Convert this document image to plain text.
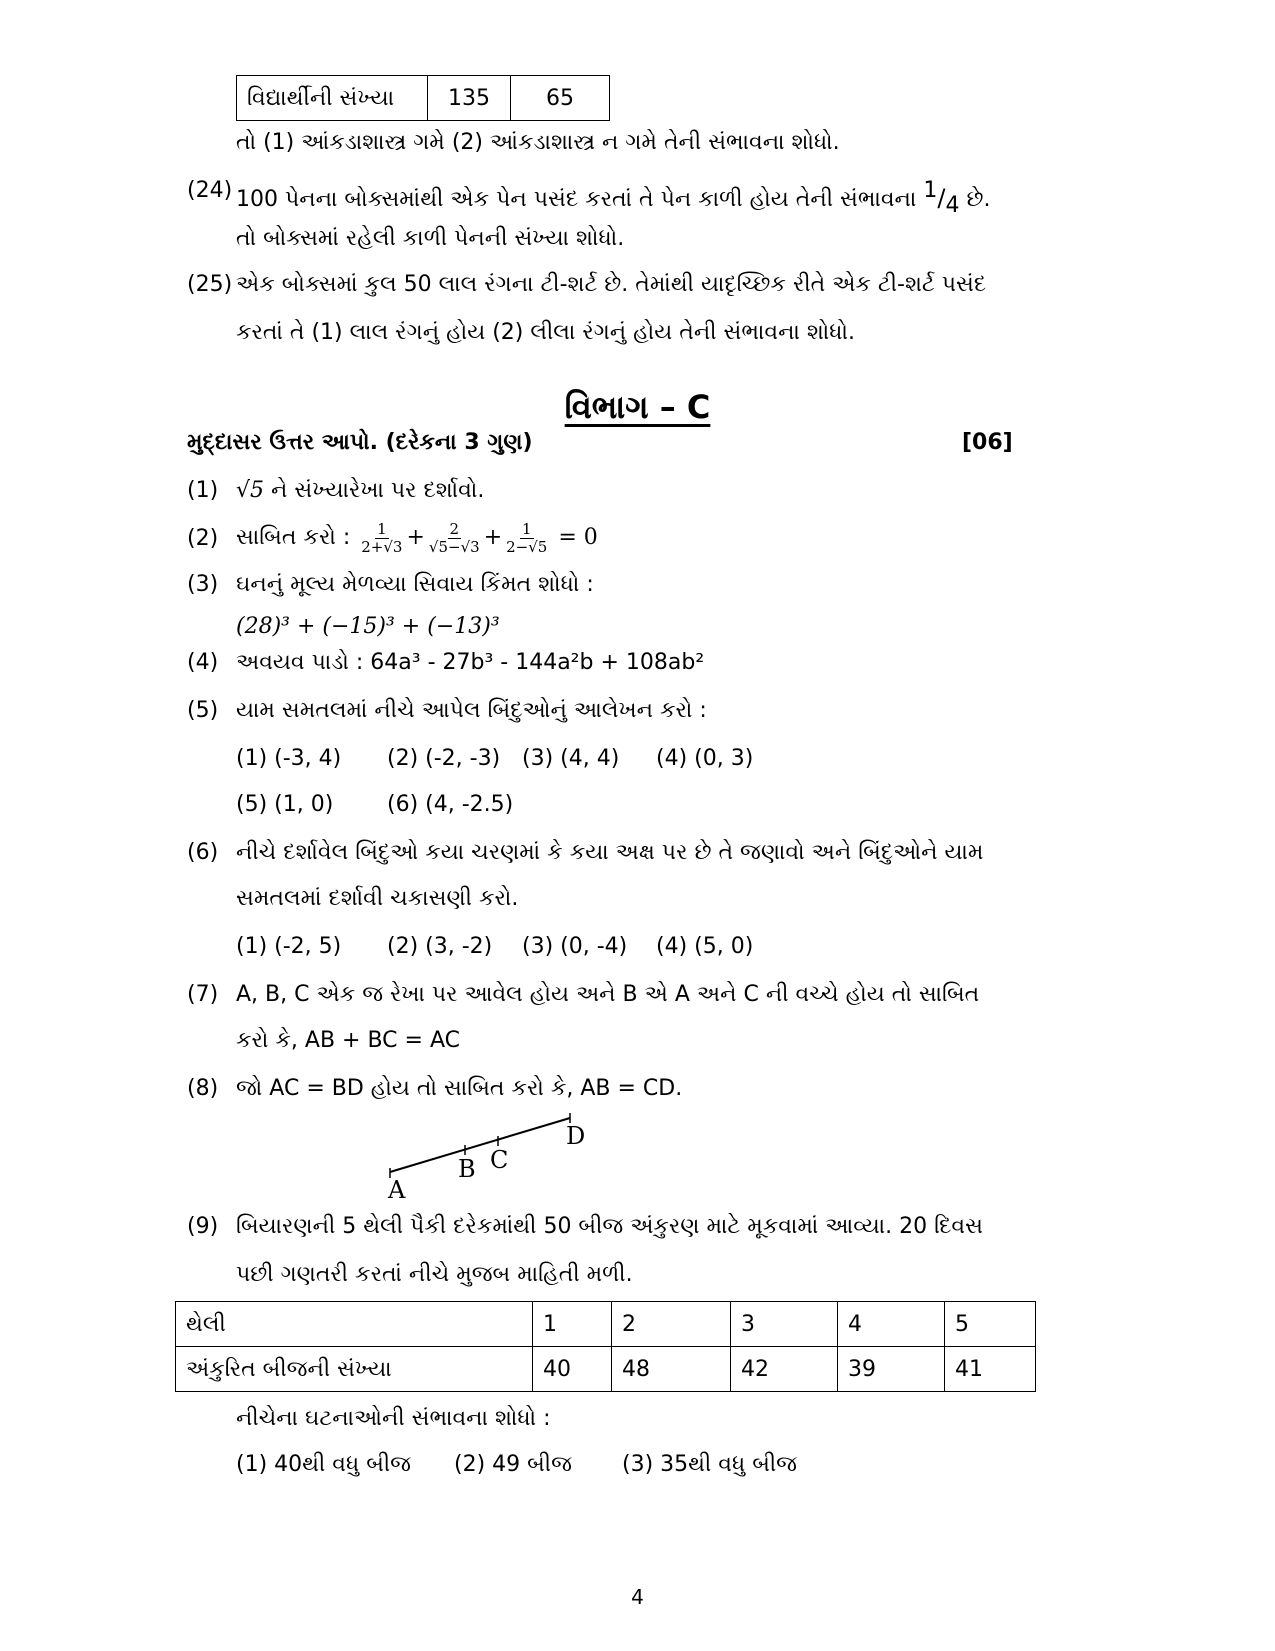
વિદ્યાર્થીની સંખ્યા	135	65
તો (1) આંકડાશાસ્ત્ર ગમે (2) આંકડાશાસ્ત્ર ન ગમે તેની સંભાવના શોધો.
(24) 100 પેનના બોક્સમાંથી એક પેન પસંદ કરતાં તે પેન કાળી હોય તેની સંભાવના $^1/_4$ છે.
તો બોક્સમાં રહેલી કાળી પેનની સંખ્યા શોધો.
(25) એક બોક્સમાં કુલ 50 લાલ રંગના ટી-શર્ટ છે. તેમાંથી યાદૃચ્છિક રીતે એક ટી-શર્ટ પસંદ
કરતાં તે (1) લાલ રંગનું હોય (2) લીલા રંગનું હોય તેની સંભાવના શોધો.
વિભાગ – C
મુદ્દાસર ઉત્તર આપો. (દરેકના 3 ગુણ)	[06]
(1) √5 ને સંખ્યારેખા પર દર્શાવો.
(2) સાબિત કરો : $\frac{1}{2+√3} + \frac{2}{√5-√3} + \frac{1}{2-√5} = 0$
(3) ઘનનું મૂલ્ય મેળવ્યા સિવાય કિંમત શોધો :
(28)³ + (−15)³ + (−13)³
(4) અવયવ પાડો : 64a³ - 27b³ - 144a²b + 108ab²
(5) યામ સમતલમાં નીચે આપેલ બિંદુઓનું આલેખન કરો :
(1) (-3, 4) (2) (-2, -3) (3) (4, 4) (4) (0, 3)
(5) (1, 0) (6) (4, -2.5)
(6) નીચે દર્શાવેલ બિંદુઓ કયા ચરણમાં કે કયા અક્ષ પર છે તે જણાવો અને બિંદુઓને યામ
સમતલમાં દર્શાવી ચકાસણી કરો.
(1) (-2, 5) (2) (3, -2) (3) (0, -4) (4) (5, 0)
(7) A, B, C એક જ રેખા પર આવેલ હોય અને B એ A અને C ની વચ્ચે હોય તો સાબિત
કરો કે, AB + BC = AC
(8) જો AC = BD હોય તો સાબિત કરો કે, AB = CD.
A
B C
D
(9) બિયારણની 5 થેલી પૈકી દરેકમાંથી 50 બીજ અંકુરણ માટે મૂકવામાં આવ્યા. 20 દિવસ
પછી ગણતરી કરતાં નીચે મુજબ માહિતી મળી.
થેલી	1	2	3	4	5
અંકુરિત બીજની સંખ્યા	40	48	42	39	41
નીચેના ઘટનાઓની સંભાવના શોધો :
(1) 40થી વધુ બીજ (2) 49 બીજ (3) 35થી વધુ બીજ
4
